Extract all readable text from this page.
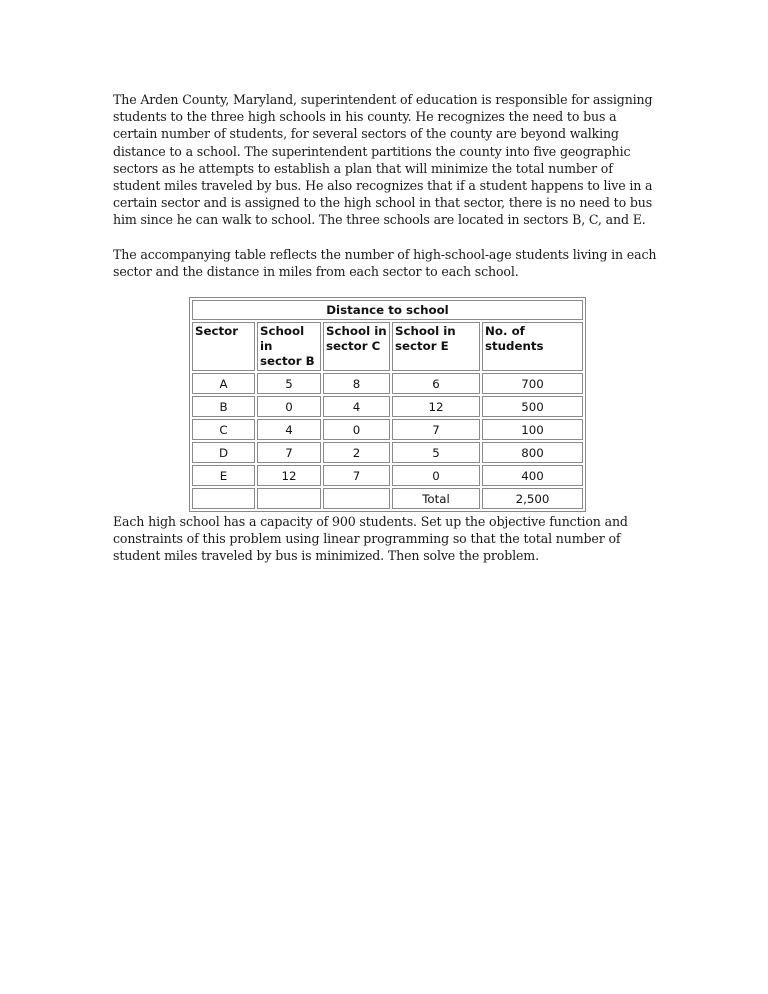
The Arden County, Maryland, superintendent of education is responsible for assigning students to the three high schools in his county. He recognizes the need to bus a certain number of students, for several sectors of the county are beyond walking distance to a school. The superintendent partitions the county into five geographic sectors as he attempts to establish a plan that will minimize the total number of student miles traveled by bus. He also recognizes that if a student happens to live in a certain sector and is assigned to the high school in that sector, there is no need to bus him since he can walk to school. The three schools are located in sectors B, C, and E.

The accompanying table reflects the number of high-school-age students living in each sector and the distance in miles from each sector to each school.

Distance to school				
Sector	School in sector B	School in sector C	School in sector E	No. of students
A	5	8	6	700
B	0	4	12	500
C	4	0	7	100
D	7	2	5	800
E	12	7	0	400
			Total	2,500

Each high school has a capacity of 900 students. Set up the objective function and constraints of this problem using linear programming so that the total number of student miles traveled by bus is minimized. Then solve the problem.
